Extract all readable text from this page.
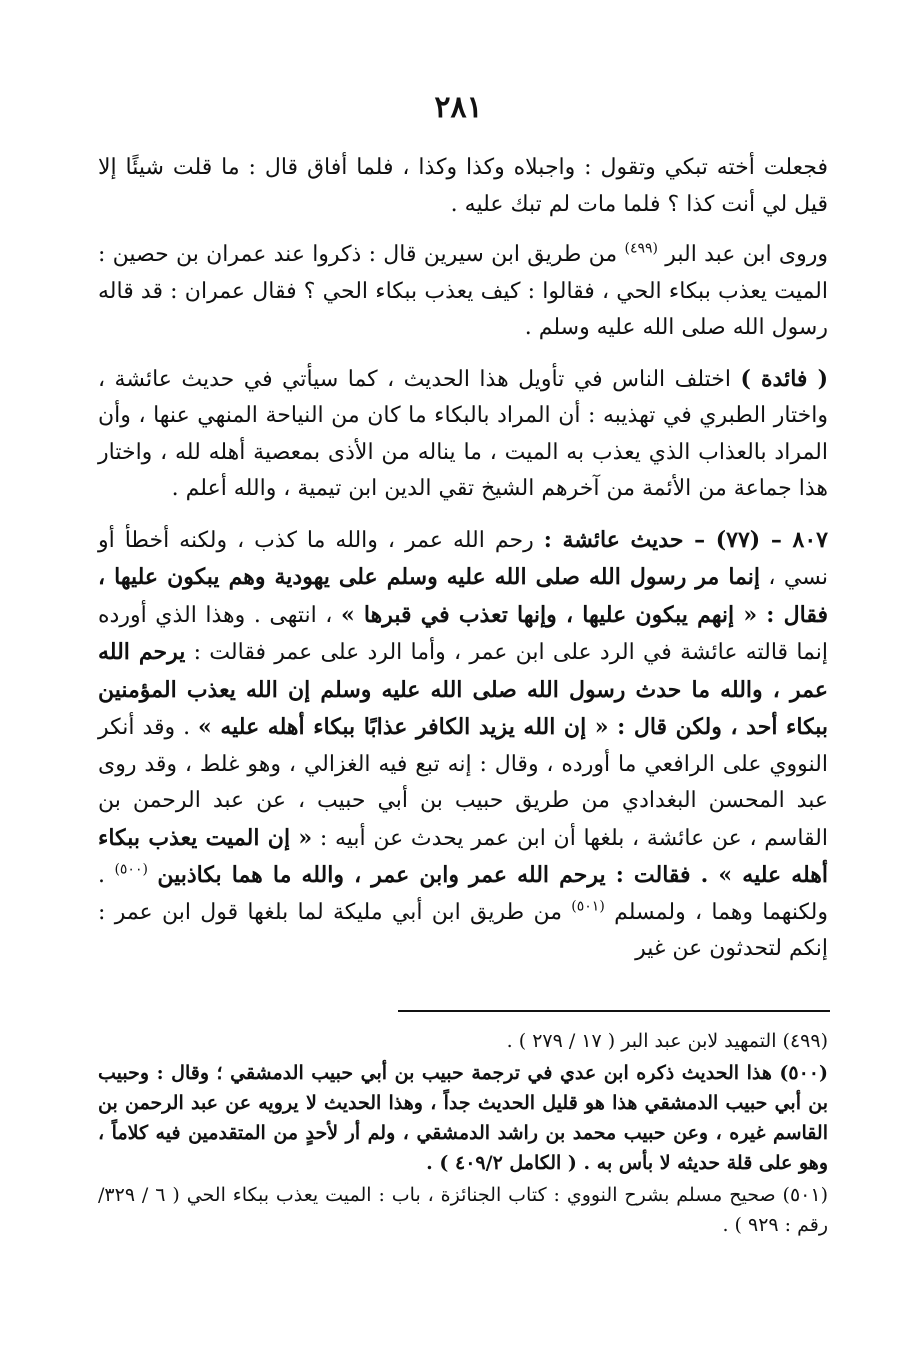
٢٨١

فجعلت أخته تبكي وتقول : واجبلاه وكذا وكذا ، فلما أفاق قال : ما قلت شيئًا إلا قيل لي أنت كذا ؟ فلما مات لم تبك عليه .

وروى ابن عبد البر $^{(٤٩٩)}$ من طريق ابن سيرين قال : ذكروا عند عمران بن حصين : الميت يعذب ببكاء الحي ، فقالوا : كيف يعذب ببكاء الحي ؟ فقال عمران : قد قاله رسول الله صلى الله عليه وسلم .

( فائدة ) اختلف الناس في تأويل هذا الحديث ، كما سيأتي في حديث عائشة ، واختار الطبري في تهذيبه : أن المراد بالبكاء ما كان من النياحة المنهي عنها ، وأن المراد بالعذاب الذي يعذب به الميت ، ما يناله من الأذى بمعصية أهله لله ، واختار هذا جماعة من الأئمة من آخرهم الشيخ تقي الدين ابن تيمية ، والله أعلم .

٨٠٧ – (٧٧) – حديث عائشة : رحم الله عمر ، والله ما كذب ، ولكنه أخطأ أو نسي ، إنما مر رسول الله صلى الله عليه وسلم على يهودية وهم يبكون عليها ، فقال : « إنهم يبكون عليها ، وإنها تعذب في قبرها » ، انتهى . وهذا الذي أورده إنما قالته عائشة في الرد على ابن عمر ، وأما الرد على عمر فقالت : يرحم الله عمر ، والله ما حدث رسول الله صلى الله عليه وسلم إن الله يعذب المؤمنين ببكاء أحد ، ولكن قال : « إن الله يزيد الكافر عذابًا ببكاء أهله عليه » . وقد أنكر النووي على الرافعي ما أورده ، وقال : إنه تبع فيه الغزالي ، وهو غلط ، وقد روى عبد المحسن البغدادي من طريق حبيب بن أبي حبيب ، عن عبد الرحمن بن القاسم ، عن عائشة ، بلغها أن ابن عمر يحدث عن أبيه : « إن الميت يعذب ببكاء أهله عليه » . فقالت : يرحم الله عمر وابن عمر ، والله ما هما بكاذبين $^{(٥٠٠)}$ . ولكنهما وهما ، ولمسلم $^{(٥٠١)}$ من طريق ابن أبي مليكة لما بلغها قول ابن عمر : إنكم لتحدثون عن غير

(٤٩٩) التمهيد لابن عبد البر ( ١٧ / ٢٧٩ ) .

(٥٠٠) هذا الحديث ذكره ابن عدي في ترجمة حبيب بن أبي حبيب الدمشقي ؛ وقال : وحبيب بن أبي حبيب الدمشقي هذا هو قليل الحديث جداً ، وهذا الحديث لا يرويه عن عبد الرحمن بن القاسم غيره ، وعن حبيب محمد بن راشد الدمشقي ، ولم أر لأحدٍ من المتقدمين فيه كلاماً ، وهو على قلة حديثه لا بأس به . ( الكامل ٤٠٩/٢ ) .

(٥٠١) صحيح مسلم بشرح النووي : كتاب الجنائزة ، باب : الميت يعذب ببكاء الحي ( ٦ / ٣٢٩/ رقم : ٩٢٩ ) .
